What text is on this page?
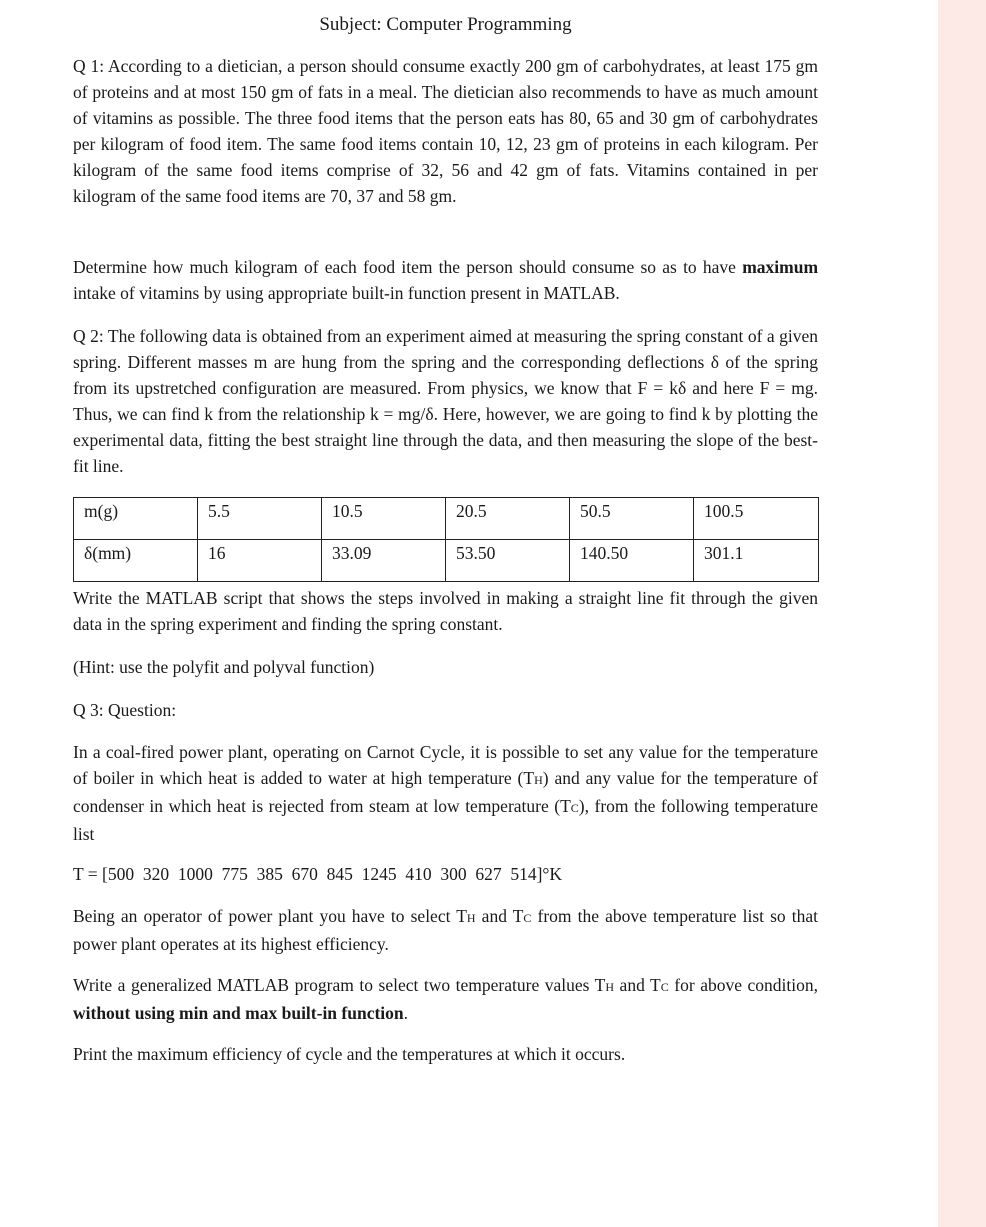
Subject: Computer Programming

Q 1: According to a dietician, a person should consume exactly 200 gm of carbohydrates, at least 175 gm of proteins and at most 150 gm of fats in a meal. The dietician also recommends to have as much amount of vitamins as possible. The three food items that the person eats has 80, 65 and 30 gm of carbohydrates per kilogram of food item. The same food items contain 10, 12, 23 gm of proteins in each kilogram. Per kilogram of the same food items comprise of 32, 56 and 42 gm of fats. Vitamins contained in per kilogram of the same food items are 70, 37 and 58 gm.

Determine how much kilogram of each food item the person should consume so as to have maximum intake of vitamins by using appropriate built-in function present in MATLAB.

Q 2: The following data is obtained from an experiment aimed at measuring the spring constant of a given spring. Different masses m are hung from the spring and the corresponding deflections δ of the spring from its upstretched configuration are measured. From physics, we know that F = kδ and here F = mg. Thus, we can find k from the relationship k = mg/δ. Here, however, we are going to find k by plotting the experimental data, fitting the best straight line through the data, and then measuring the slope of the best-fit line.

m(g)	5.5	10.5	20.5	50.5	100.5
δ(mm)	16	33.09	53.50	140.50	301.1

Write the MATLAB script that shows the steps involved in making a straight line fit through the given data in the spring experiment and finding the spring constant.

(Hint: use the polyfit and polyval function)

Q 3: Question:

In a coal-fired power plant, operating on Carnot Cycle, it is possible to set any value for the temperature of boiler in which heat is added to water at high temperature (TH) and any value for the temperature of condenser in which heat is rejected from steam at low temperature (TC), from the following temperature list

T = [500  320  1000  775  385  670  845  1245  410  300  627  514]°K

Being an operator of power plant you have to select TH and TC from the above temperature list so that power plant operates at its highest efficiency.

Write a generalized MATLAB program to select two temperature values TH and TC for above condition, without using min and max built-in function.

Print the maximum efficiency of cycle and the temperatures at which it occurs.
